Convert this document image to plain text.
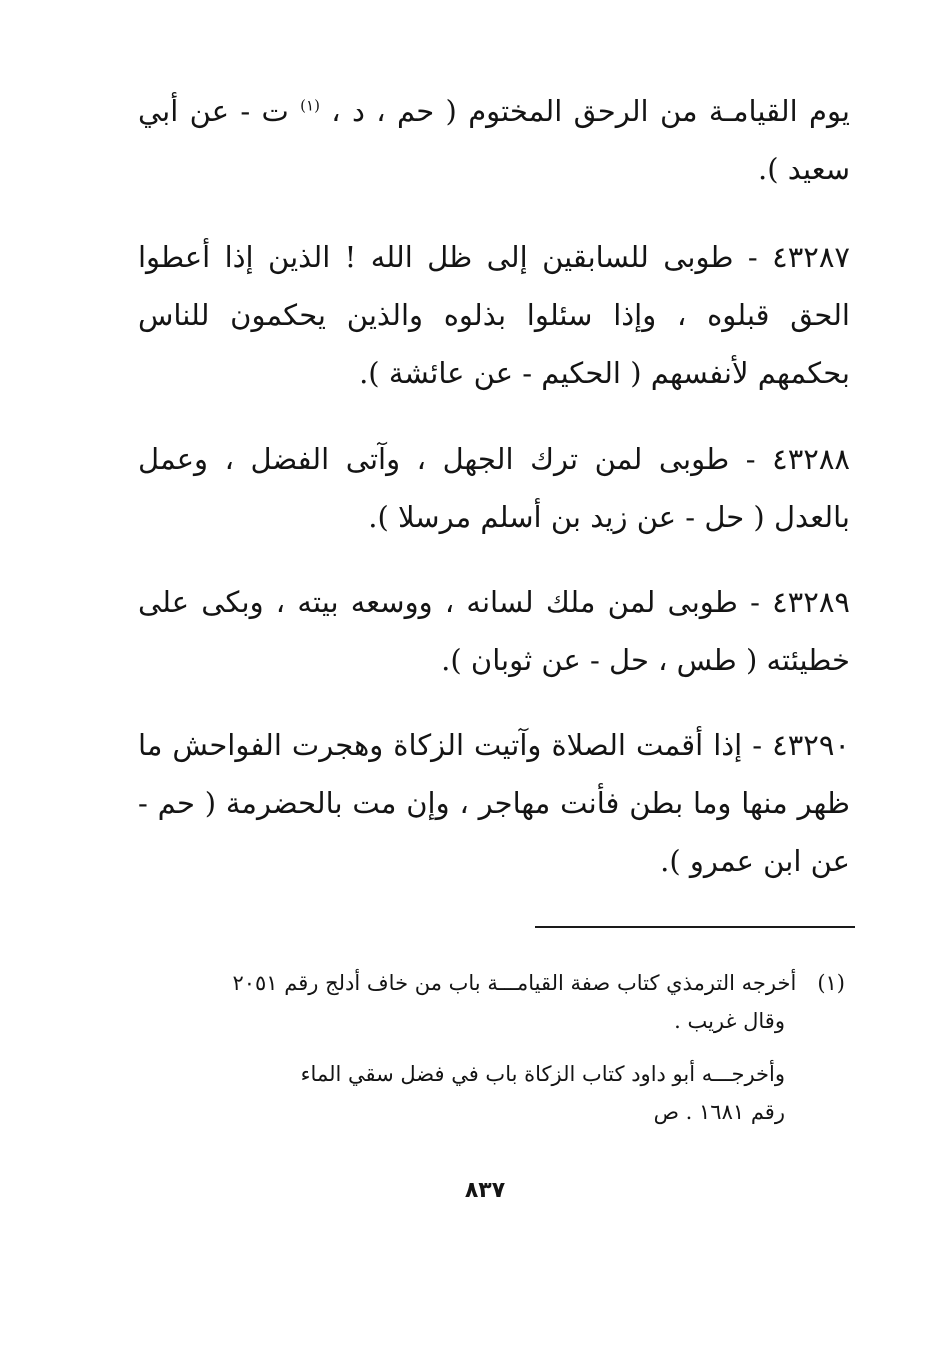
يوم القيامـة من الرحق المختوم ( حم ، د ، $^{(١)}$ ت - عن أبي سعيد ).
٤٣٢٨٧ - طوبى للسابقين إلى ظل الله ! الذين إذا أعطوا الحق قبلوه ، وإذا سئلوا بذلوه والذين يحكمون للناس بحكمهم لأنفسهم ( الحكيم - عن عائشة ).
٤٣٢٨٨ - طوبى لمن ترك الجهل ، وآتى الفضل ، وعمل بالعدل ( حل - عن زيد بن أسلم مرسلا ).
٤٣٢٨٩ - طوبى لمن ملك لسانه ، ووسعه بيته ، وبكى على خطيئته ( طس ، حل - عن ثوبان ).
٤٣٢٩٠ - إذا أقمت الصلاة وآتيت الزكاة وهجرت الفواحش ما ظهر منها وما بطن فأنت مهاجر ، وإن مت بالحضرمة ( حم - عن ابن عمرو ).
(١) أخرجه الترمذي كتاب صفة القيامـــة باب من خاف أدلج رقم ٢٠٥١
وقال غريب .
وأخرجـــه أبو داود كتاب الزكاة باب في فضل سقي الماء
رقم ١٦٨١ . ص
٨٣٧
